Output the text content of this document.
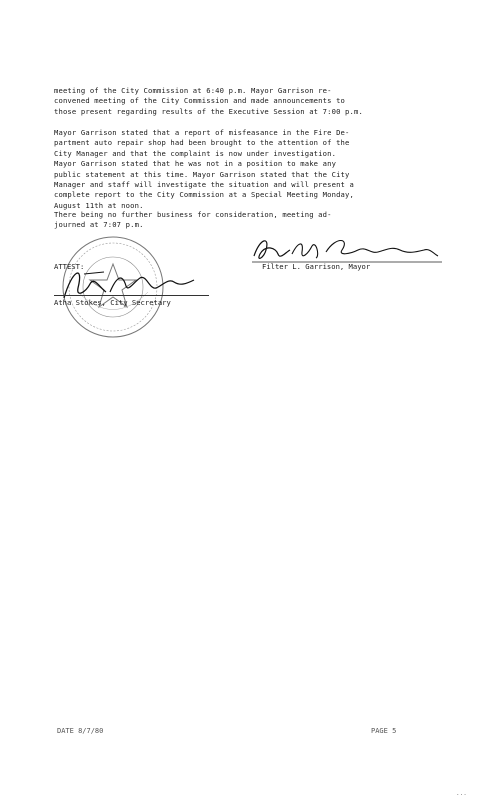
meeting of the City Commission at 6:40 p.m. Mayor Garrison re-
convened meeting of the City Commission and made announcements to
those present regarding results of the Executive Session at 7:00 p.m.
Mayor Garrison stated that a report of misfeasance in the Fire De-
partment auto repair shop had been brought to the attention of the
City Manager and that the complaint is now under investigation.
Mayor Garrison stated that he was not in a position to make any
public statement at this time. Mayor Garrison stated that the City
Manager and staff will investigate the situation and will present a
complete report to the City Commission at a Special Meeting Monday,
August 11th at noon.
There being no further business for consideration, meeting ad-
journed at 7:07 p.m.
Filter L. Garrison, Mayor
ATTEST:
Atha Stokes, City Secretary
DATE 8/7/80	PAGE 5
...
